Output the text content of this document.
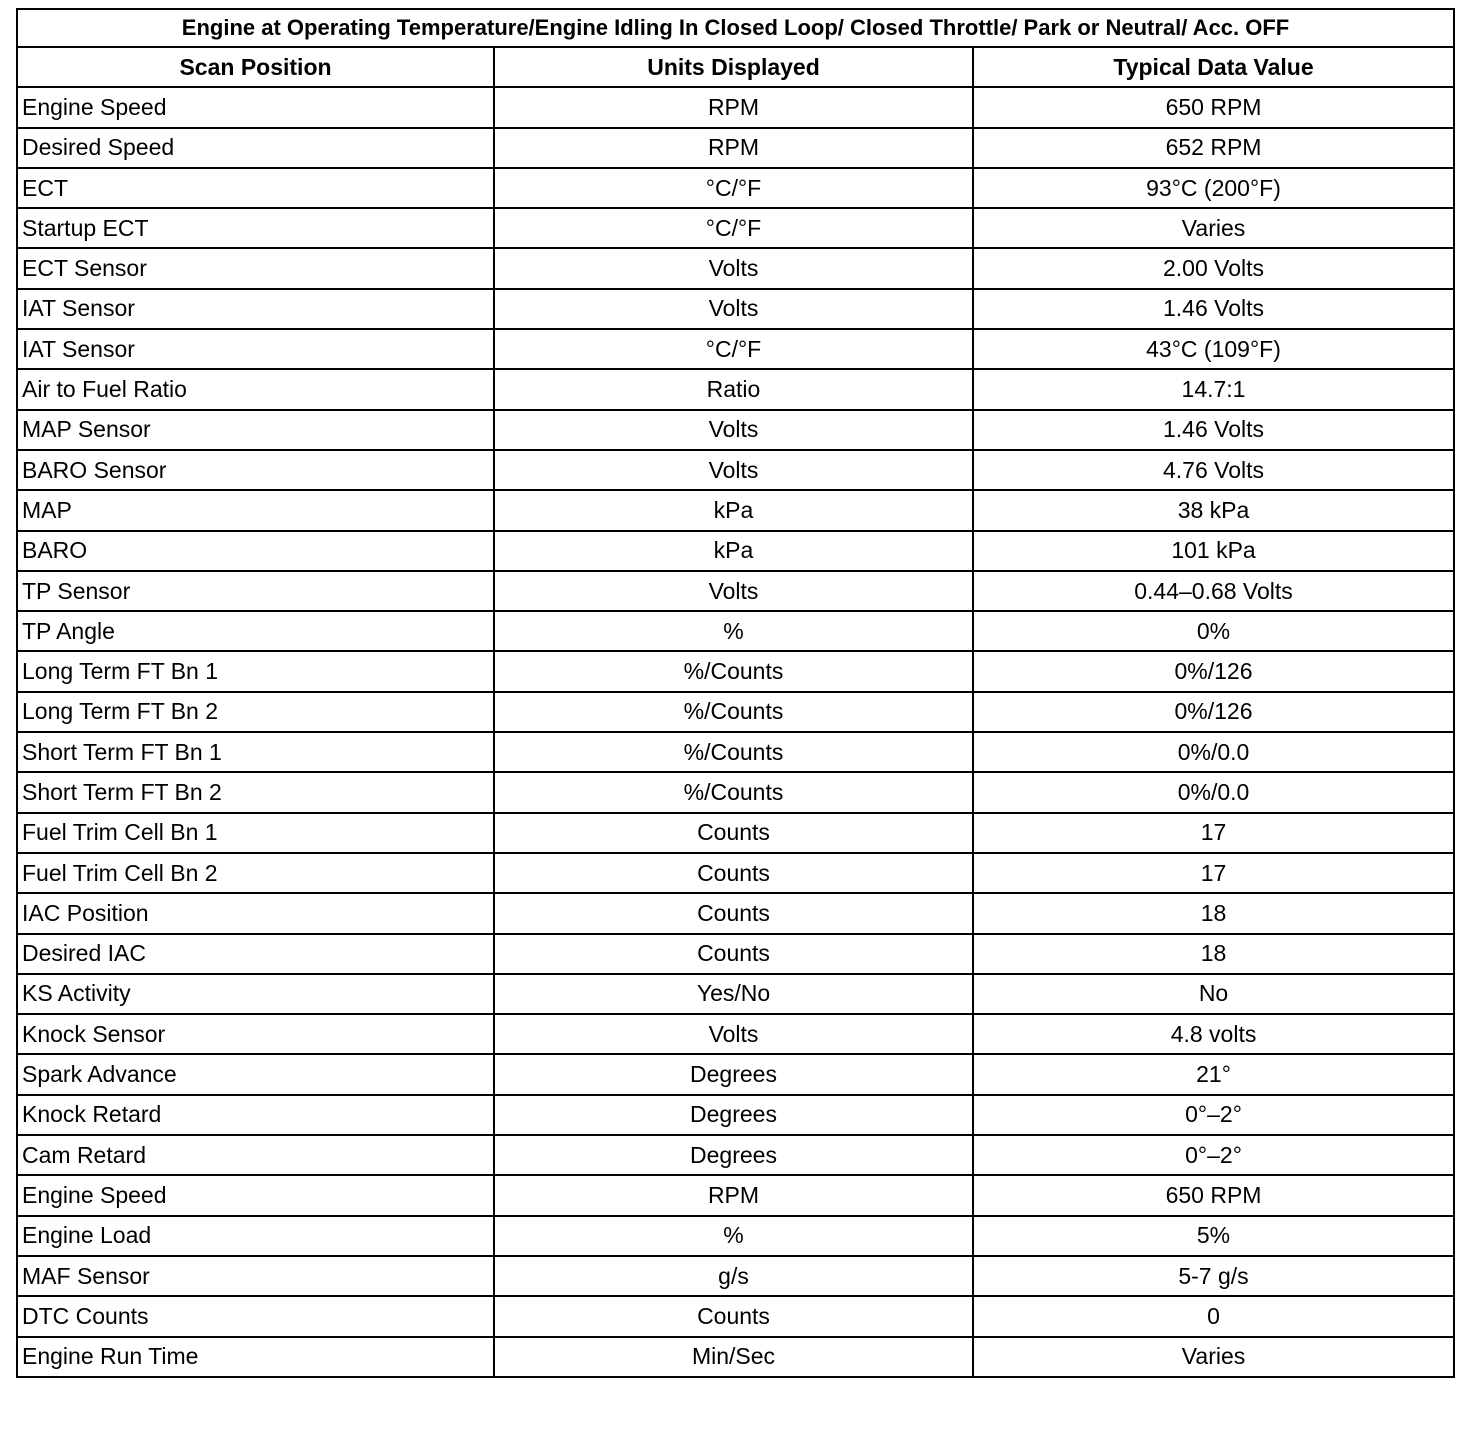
Engine at Operating Temperature/Engine Idling In Closed Loop/ Closed Throttle/ Park or Neutral/ Acc. OFF		
Scan Position	Units Displayed	Typical Data Value
Engine Speed	RPM	650 RPM
Desired Speed	RPM	652 RPM
ECT	°C/°F	93°C (200°F)
Startup ECT	°C/°F	Varies
ECT Sensor	Volts	2.00 Volts
IAT Sensor	Volts	1.46 Volts
IAT Sensor	°C/°F	43°C (109°F)
Air to Fuel Ratio	Ratio	14.7:1
MAP Sensor	Volts	1.46 Volts
BARO Sensor	Volts	4.76 Volts
MAP	kPa	38 kPa
BARO	kPa	101 kPa
TP Sensor	Volts	0.44–0.68 Volts
TP Angle	%	0%
Long Term FT Bn 1	%/Counts	0%/126
Long Term FT Bn 2	%/Counts	0%/126
Short Term FT Bn 1	%/Counts	0%/0.0
Short Term FT Bn 2	%/Counts	0%/0.0
Fuel Trim Cell Bn 1	Counts	17
Fuel Trim Cell Bn 2	Counts	17
IAC Position	Counts	18
Desired IAC	Counts	18
KS Activity	Yes/No	No
Knock Sensor	Volts	4.8 volts
Spark Advance	Degrees	21°
Knock Retard	Degrees	0°–2°
Cam Retard	Degrees	0°–2°
Engine Speed	RPM	650 RPM
Engine Load	%	5%
MAF Sensor	g/s	5-7 g/s
DTC Counts	Counts	0
Engine Run Time	Min/Sec	Varies
